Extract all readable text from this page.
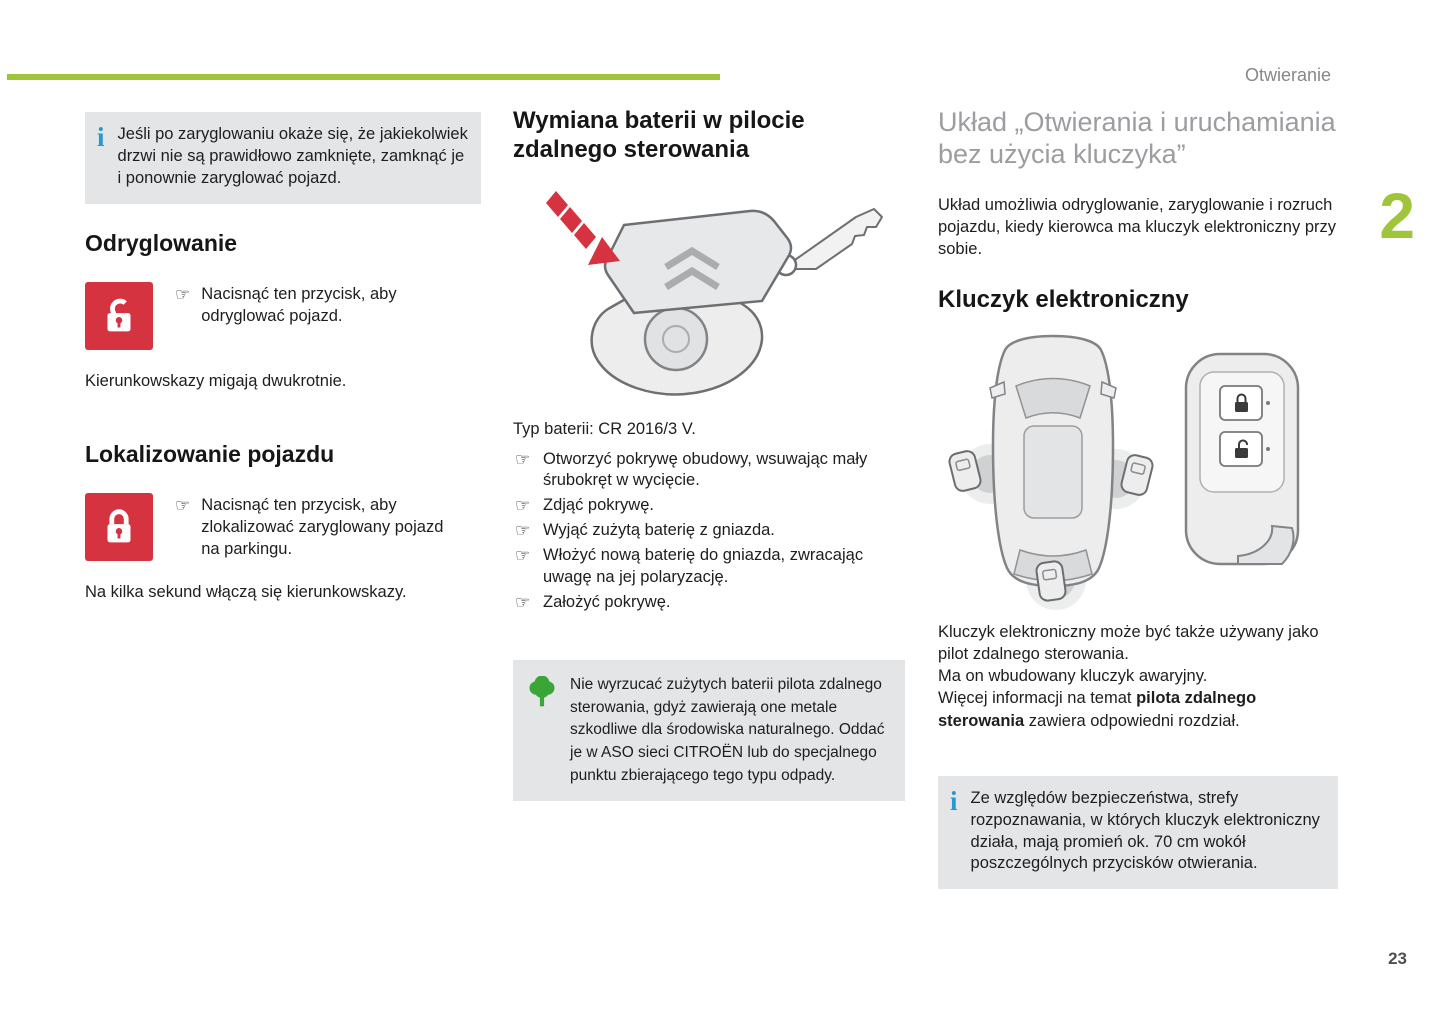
Otwieranie
2
i Jeśli po zaryglowaniu okaże się, że jakiekolwiek drzwi nie są prawidłowo zamknięte, zamknąć je i ponownie zaryglować pojazd.

Odryglowanie
☞ Nacisnąć ten przycisk, aby odryglować pojazd.

Kierunkowskazy migają dwukrotnie.

Lokalizowanie pojazdu
☞ Nacisnąć ten przycisk, aby zlokalizować zaryglowany pojazd na parkingu.

Na kilka sekund włączą się kierunkowskazy.

Wymiana baterii w pilocie zdalnego sterowania

Typ baterii: CR 2016/3 V.

☞ Otworzyć pokrywę obudowy, wsuwając mały śrubokręt w wycięcie.
☞ Zdjąć pokrywę.
☞ Wyjąć zużytą baterię z gniazda.
☞ Włożyć nową baterię do gniazda, zwracając uwagę na jej polaryzację.
☞ Założyć pokrywę.

Nie wyrzucać zużytych baterii pilota zdalnego sterowania, gdyż zawierają one metale szkodliwe dla środowiska naturalnego. Oddać je w ASO sieci CITROËN lub do specjalnego punktu zbierającego tego typu odpady.

Układ „Otwierania i uruchamiania bez użycia kluczyka”

Układ umożliwia odryglowanie, zaryglowanie i rozruch pojazdu, kiedy kierowca ma kluczyk elektroniczny przy sobie.

Kluczyk elektroniczny

Kluczyk elektroniczny może być także używany jako pilot zdalnego sterowania.

Ma on wbudowany kluczyk awaryjny.

Więcej informacji na temat pilota zdalnego sterowania zawiera odpowiedni rozdział.

i Ze względów bezpieczeństwa, strefy rozpoznawania, w których kluczyk elektroniczny działa, mają promień ok. 70 cm wokół poszczególnych przycisków otwierania.

23
